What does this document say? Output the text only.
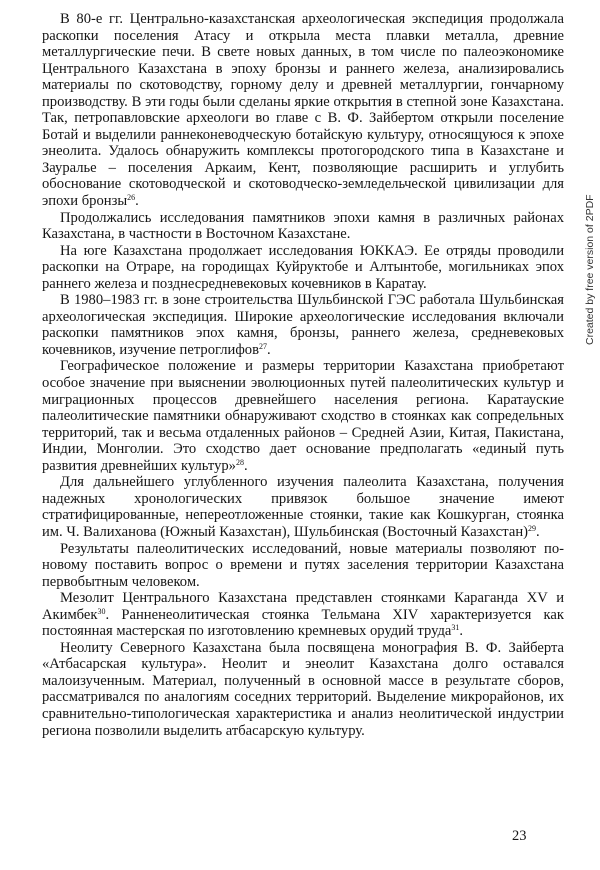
В 80-е гг. Центрально-казахстанская археологическая экспедиция продолжала раскопки поселения Атасу и открыла места плавки металла, древние металлургические печи. В свете новых данных, в том числе по палеоэкономике Центрального Казахстана в эпоху бронзы и раннего железа, анализировались материалы по скотоводству, горному делу и древней металлургии, гончарному производству. В эти годы были сделаны яркие открытия в степной зоне Казахстана. Так, петропавловские археологи во главе с В. Ф. Зайбертом открыли поселение Ботай и выделили раннеконеводческую ботайскую культуру, относящуюся к эпохе энеолита. Удалось обнаружить комплексы протогородского типа в Казахстане и Зауралье – поселения Аркаим, Кент, позволяющие расширить и углубить обоснование скотоводческой и скотоводческо-земледельческой цивилизации для эпохи бронзы$^{26}$.

Продолжались исследования памятников эпохи камня в различных районах Казахстана, в частности в Восточном Казахстане.

На юге Казахстана продолжает исследования ЮККАЭ. Ее отряды проводили раскопки на Отраре, на городищах Куйруктобе и Алтынтобе, могильниках эпох раннего железа и позднесредневековых кочевников в Каратау.

В 1980–1983 гг. в зоне строительства Шульбинской ГЭС работала Шульбинская археологическая экспедиция. Широкие археологические исследования включали раскопки памятников эпох камня, бронзы, раннего железа, средневековых кочевников, изучение петроглифов$^{27}$.

Географическое положение и размеры территории Казахстана приобретают особое значение при выяснении эволюционных путей палеолитических культур и миграционных процессов древнейшего населения региона. Каратауские палеолитические памятники обнаруживают сходство в стоянках как сопредельных территорий, так и весьма отдаленных районов – Средней Азии, Китая, Пакистана, Индии, Монголии. Это сходство дает основание предполагать «единый путь развития древнейших культур»$^{28}$.

Для дальнейшего углубленного изучения палеолита Казахстана, получения надежных хронологических привязок большое значение имеют стратифицированные, непереотложенные стоянки, такие как Кошкурган, стоянка им. Ч. Валиханова (Южный Казахстан), Шульбинская (Восточный Казахстан)$^{29}$.

Результаты палеолитических исследований, новые материалы позволяют по-новому поставить вопрос о времени и путях заселения территории Казахстана первобытным человеком.

Мезолит Центрального Казахстана представлен стоянками Караганда XV и Акимбек$^{30}$. Ранненеолитическая стоянка Тельмана XIV характеризуется как постоянная мастерская по изготовлению кремневых орудий труда$^{31}$.

Неолиту Северного Казахстана была посвящена монография В. Ф. Зайберта «Атбасарская культура». Неолит и энеолит Казахстана долго оставался малоизученным. Материал, полученный в основной массе в результате сборов, рассматривался по аналогиям соседних территорий. Выделение микрорайонов, их сравнительно-типологическая характеристика и анализ неолитической индустрии региона позволили выделить атбасарскую культуру.

Created by free version of 2PDF
23
